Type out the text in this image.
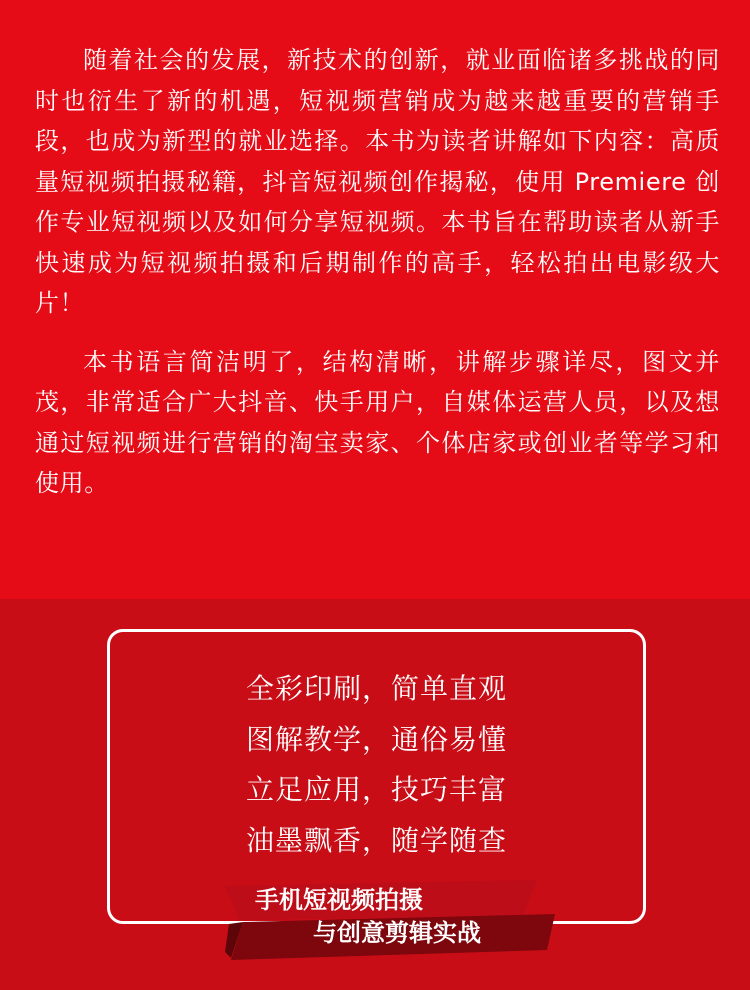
随着社会的发展，新技术的创新，就业面临诸多挑战的同时也衍生了新的机遇，短视频营销成为越来越重要的营销手段，也成为新型的就业选择。本书为读者讲解如下内容：高质量短视频拍摄秘籍，抖音短视频创作揭秘，使用 Premiere 创作专业短视频以及如何分享短视频。本书旨在帮助读者从新手快速成为短视频拍摄和后期制作的高手，轻松拍出电影级大片！

本书语言简洁明了，结构清晰，讲解步骤详尽，图文并茂，非常适合广大抖音、快手用户，自媒体运营人员，以及想通过短视频进行营销的淘宝卖家、个体店家或创业者等学习和使用。

全彩印刷，简单直观
图解教学，通俗易懂
立足应用，技巧丰富
油墨飘香，随学随查
手机短视频拍摄
与创意剪辑实战
